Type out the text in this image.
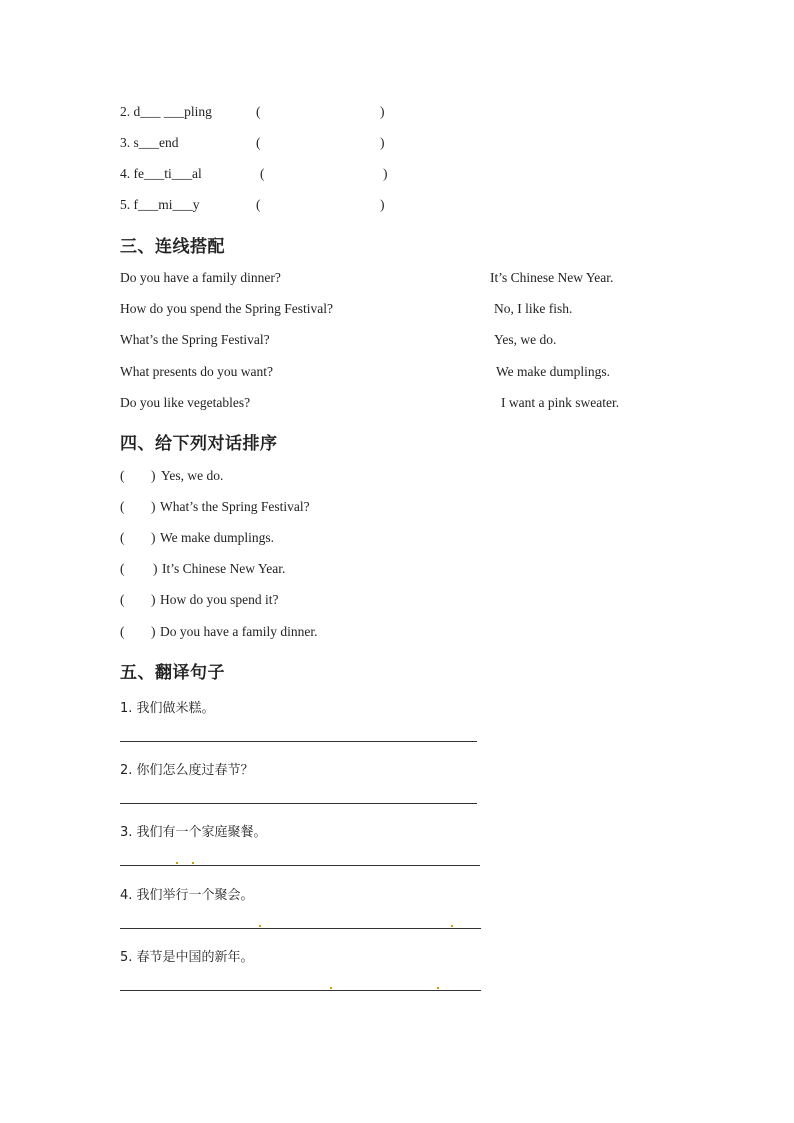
2. d___ ___pling	(	)
3. s___end	(	)
4. fe___ti___al	(	)
5. f___mi___y	(	)
三、连线搭配
Do you have a family dinner?
How do you spend the Spring Festival?
What’s the Spring Festival?
What presents do you want?
Do you like vegetables?
It’s Chinese New Year.
No, I like fish.
Yes, we do.
We make dumplings.
I want a pink sweater.
四、给下列对话排序
( ) Yes, we do.
( ) What’s the Spring Festival?
( ) We make dumplings.
( ) It’s Chinese New Year.
( ) How do you spend it?
( ) Do you have a family dinner.
五、翻译句子
1. 我们做米糕。
2. 你们怎么度过春节？
3. 我们有一个家庭聚餐。
4. 我们举行一个聚会。
5. 春节是中国的新年。
